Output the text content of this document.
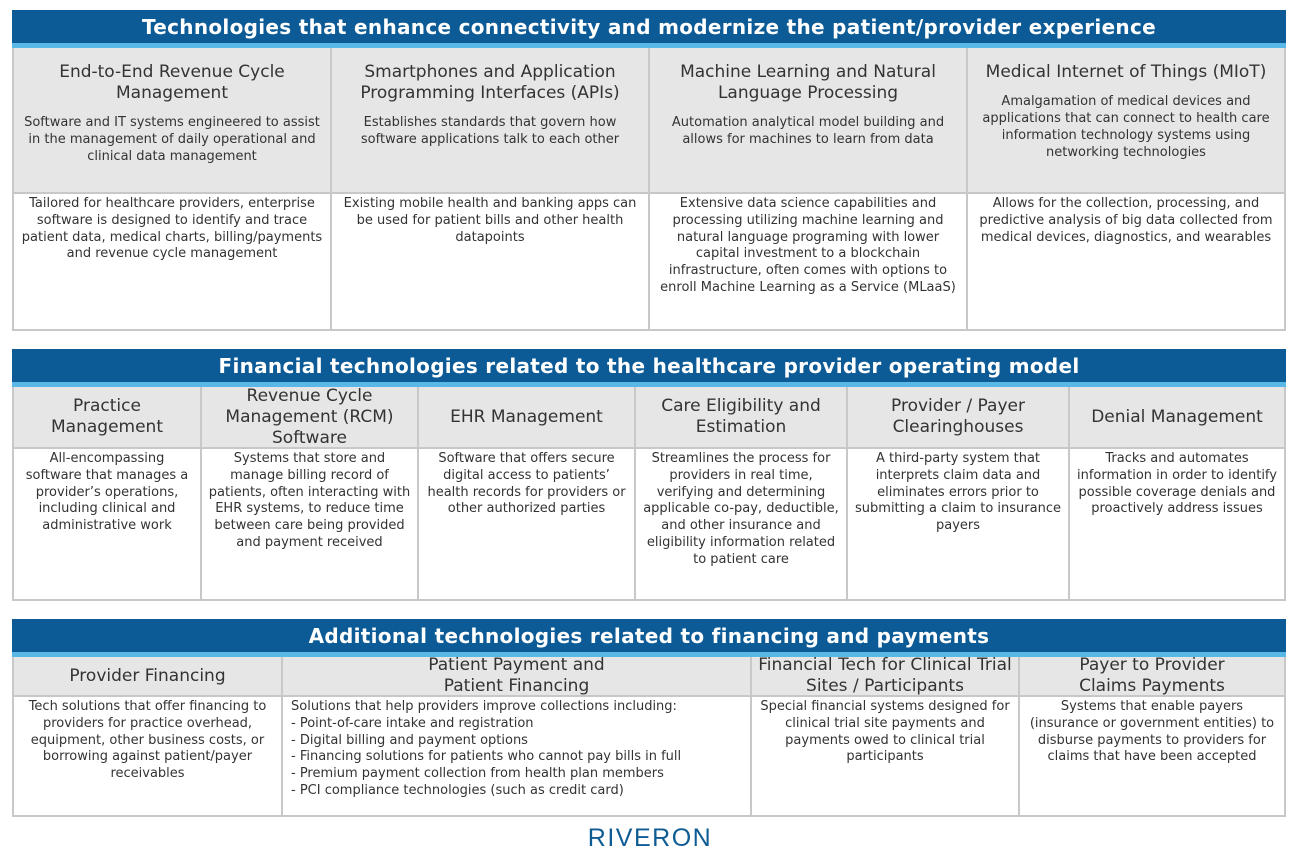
Technologies that enhance connectivity and modernize the patient/provider experience
End-to-End Revenue Cycle Management
Software and IT systems engineered to assist in the management of daily operational and clinical data management
Tailored for healthcare providers, enterprise software is designed to identify and trace patient data, medical charts, billing/payments and revenue cycle management
Smartphones and Application Programming Interfaces (APIs)
Establishes standards that govern how software applications talk to each other
Existing mobile health and banking apps can be used for patient bills and other health datapoints
Machine Learning and Natural Language Processing
Automation analytical model building and allows for machines to learn from data
Extensive data science capabilities and processing utilizing machine learning and natural language programing with lower capital investment to a blockchain infrastructure, often comes with options to enroll Machine Learning as a Service (MLaaS)
Medical Internet of Things (MIoT)
Amalgamation of medical devices and applications that can connect to health care information technology systems using networking technologies
Allows for the collection, processing, and predictive analysis of big data collected from medical devices, diagnostics, and wearables
Financial technologies related to the healthcare provider operating model
Practice Management
All-encompassing software that manages a provider’s operations, including clinical and administrative work
Revenue Cycle Management (RCM) Software
Systems that store and manage billing record of patients, often interacting with EHR systems, to reduce time between care being provided and payment received
EHR Management
Software that offers secure digital access to patients’ health records for providers or other authorized parties
Care Eligibility and Estimation
Streamlines the process for providers in real time, verifying and determining applicable co-pay, deductible, and other insurance and eligibility information related to patient care
Provider / Payer Clearinghouses
A third-party system that interprets claim data and eliminates errors prior to submitting a claim to insurance payers
Denial Management
Tracks and automates information in order to identify possible coverage denials and proactively address issues
Additional technologies related to financing and payments
Provider Financing
Tech solutions that offer financing to providers for practice overhead, equipment, other business costs, or borrowing against patient/payer receivables
Patient Payment and Patient Financing
Solutions that help providers improve collections including:
- Point-of-care intake and registration
- Digital billing and payment options
- Financing solutions for patients who cannot pay bills in full
- Premium payment collection from health plan members
- PCI compliance technologies (such as credit card)
Financial Tech for Clinical Trial Sites / Participants
Special financial systems designed for clinical trial site payments and payments owed to clinical trial participants
Payer to Provider Claims Payments
Systems that enable payers (insurance or government entities) to disburse payments to providers for claims that have been accepted
RIVERON
